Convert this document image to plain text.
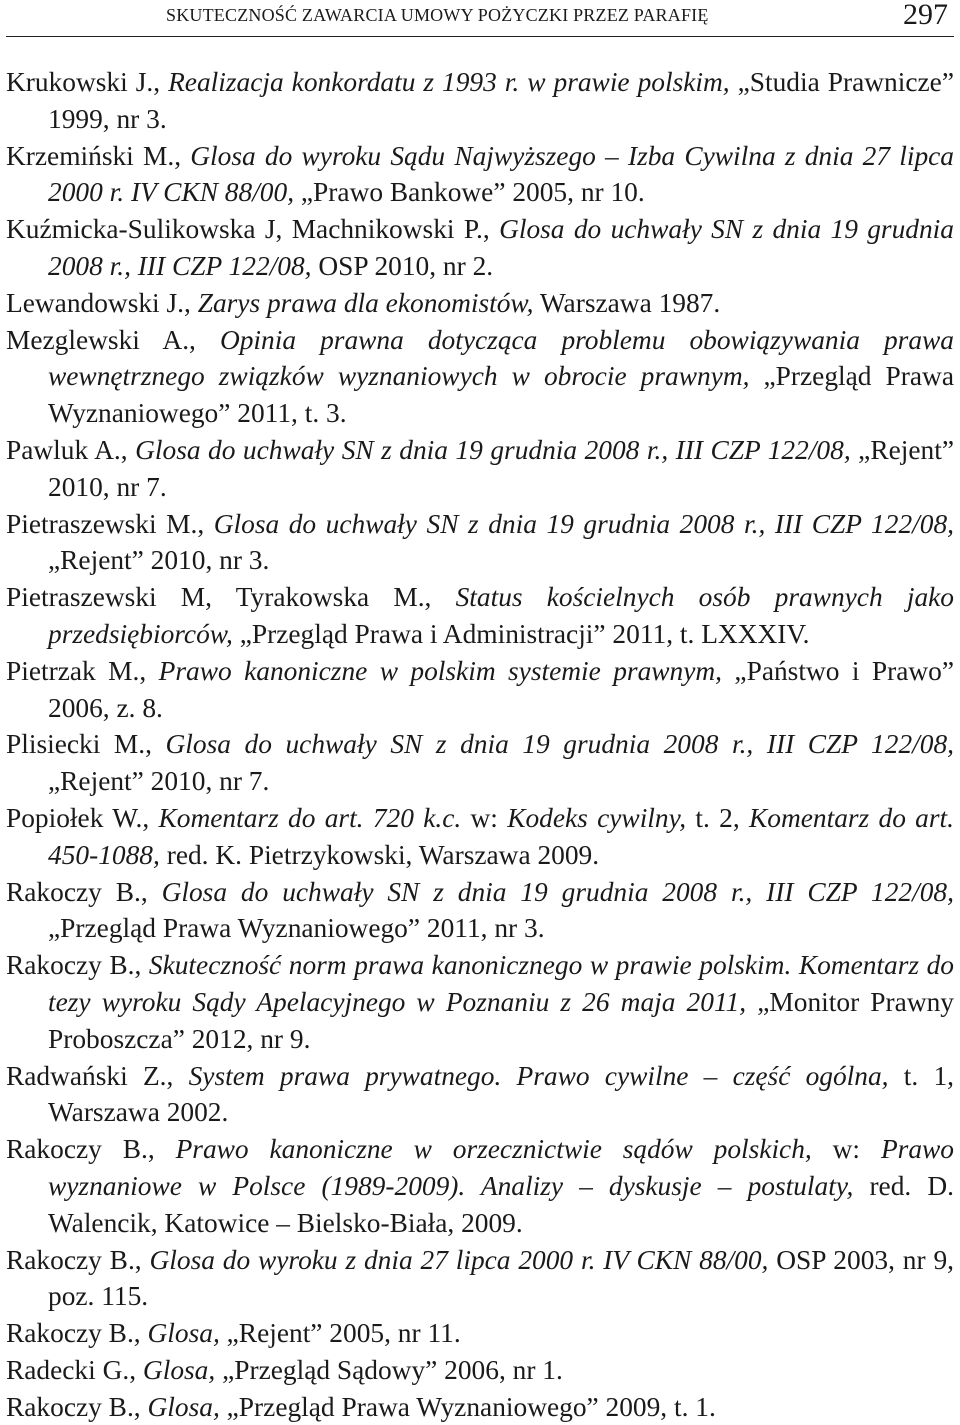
SKUTECZNOŚĆ ZAWARCIA UMOWY POŻYCZKI PRZEZ PARAFIĘ	297
Krukowski J., Realizacja konkordatu z 1993 r. w prawie polskim, „Studia Prawnicze” 1999, nr 3.
Krzemiński M., Glosa do wyroku Sądu Najwyższego – Izba Cywilna z dnia 27 lipca 2000 r. IV CKN 88/00, „Prawo Bankowe” 2005, nr 10.
Kuźmicka-Sulikowska J, Machnikowski P., Glosa do uchwały SN z dnia 19 grudnia 2008 r., III CZP 122/08, OSP 2010, nr 2.
Lewandowski J., Zarys prawa dla ekonomistów, Warszawa 1987.
Mezglewski A., Opinia prawna dotycząca problemu obowiązywania prawa wewnętrznego związków wyznaniowych w obrocie prawnym, „Przegląd Prawa Wyznaniowego” 2011, t. 3.
Pawluk A., Glosa do uchwały SN z dnia 19 grudnia 2008 r., III CZP 122/08, „Rejent” 2010, nr 7.
Pietraszewski M., Glosa do uchwały SN z dnia 19 grudnia 2008 r., III CZP 122/08, „Rejent” 2010, nr 3.
Pietraszewski M, Tyrakowska M., Status kościelnych osób prawnych jako przedsiębiorców, „Przegląd Prawa i Administracji” 2011, t. LXXXIV.
Pietrzak M., Prawo kanoniczne w polskim systemie prawnym, „Państwo i Prawo” 2006, z. 8.
Plisiecki M., Glosa do uchwały SN z dnia 19 grudnia 2008 r., III CZP 122/08, „Rejent” 2010, nr 7.
Popiołek W., Komentarz do art. 720 k.c. w: Kodeks cywilny, t. 2, Komentarz do art. 450-1088, red. K. Pietrzykowski, Warszawa 2009.
Rakoczy B., Glosa do uchwały SN z dnia 19 grudnia 2008 r., III CZP 122/08, „Przegląd Prawa Wyznaniowego” 2011, nr 3.
Rakoczy B., Skuteczność norm prawa kanonicznego w prawie polskim. Komentarz do tezy wyroku Sądy Apelacyjnego w Poznaniu z 26 maja 2011, „Monitor Prawny Proboszcza” 2012, nr 9.
Radwański Z., System prawa prywatnego. Prawo cywilne – część ogólna, t. 1, Warszawa 2002.
Rakoczy B., Prawo kanoniczne w orzecznictwie sądów polskich, w: Prawo wyznaniowe w Polsce (1989-2009). Analizy – dyskusje – postulaty, red. D. Walencik, Katowice – Bielsko-Biała, 2009.
Rakoczy B., Glosa do wyroku z dnia 27 lipca 2000 r. IV CKN 88/00, OSP 2003, nr 9, poz. 115.
Rakoczy B., Glosa, „Rejent” 2005, nr 11.
Radecki G., Glosa, „Przegląd Sądowy” 2006, nr 1.
Rakoczy B., Glosa, „Przegląd Prawa Wyznaniowego” 2009, t. 1.
